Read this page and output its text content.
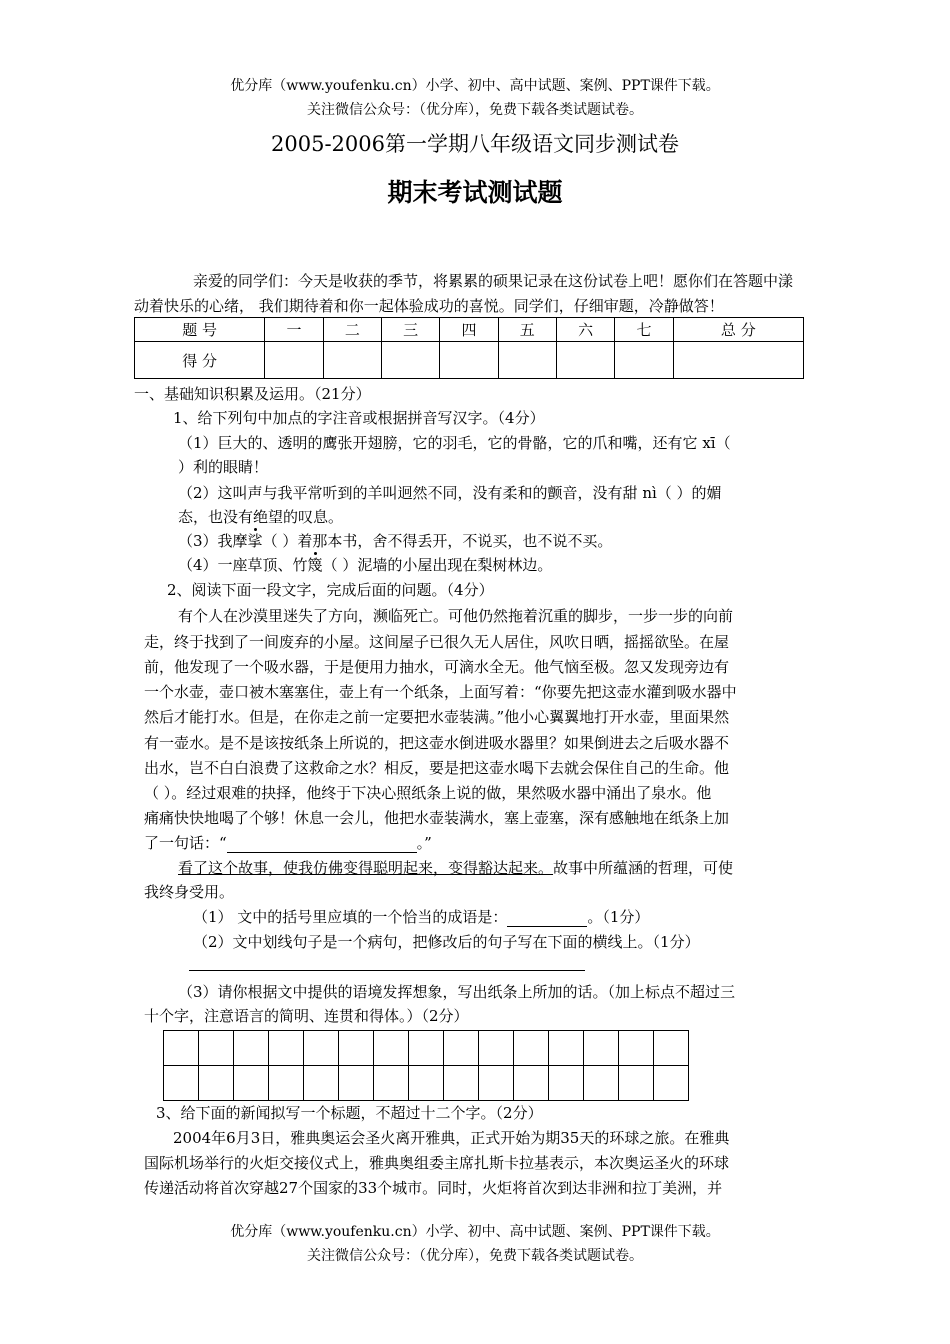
优分库（www.youfenku.cn）小学、初中、高中试题、案例、PPT课件下载。
关注微信公众号：（优分库），免费下载各类试题试卷。
2005-2006第一学期八年级语文同步测试卷
期末考试测试题
亲爱的同学们：今天是收获的季节，将累累的硕果记录在这份试卷上吧！愿你们在答题中漾
动着快乐的心绪， 我们期待着和你一起体验成功的喜悦。同学们，仔细审题，冷静做答！
题 号	一	二	三	四	五	六	七	总 分
得 分								
一、基础知识积累及运用。（21分）
1、给下列句中加点的字注音或根据拼音写汉字。（4分）
（1）巨大的、透明的鹰张开翅膀，它的羽毛，它的骨骼，它的爪和嘴，还有它 xī（
）利的眼睛！
（2）这叫声与我平常听到的羊叫迥然不同，没有柔和的颤音，没有甜 nì（ ）的媚
态，也没有绝望的叹息。
（3）我摩挲（ ）着那本书，舍不得丢开，不说买，也不说不买。
（4）一座草顶、竹篾（ ）泥墙的小屋出现在梨树林边。
2、阅读下面一段文字，完成后面的问题。（4分）
有个人在沙漠里迷失了方向，濒临死亡。可他仍然拖着沉重的脚步，一步一步的向前
走，终于找到了一间废弃的小屋。这间屋子已很久无人居住，风吹日晒，摇摇欲坠。在屋
前，他发现了一个吸水器，于是便用力抽水，可滴水全无。他气恼至极。忽又发现旁边有
一个水壶，壶口被木塞塞住，壶上有一个纸条，上面写着：“你要先把这壶水灌到吸水器中
然后才能打水。但是，在你走之前一定要把水壶装满。”他小心翼翼地打开水壶，里面果然
有一壶水。是不是该按纸条上所说的，把这壶水倒进吸水器里？如果倒进去之后吸水器不
出水，岂不白白浪费了这救命之水？相反，要是把这壶水喝下去就会保住自己的生命。他
（ ）。经过艰难的抉择，他终于下决心照纸条上说的做，果然吸水器中涌出了泉水。他
痛痛快快地喝了个够！休息一会儿，他把水壶装满水，塞上壶塞，深有感触地在纸条上加
了一句话：“	。”
看了这个故事，使我仿佛变得聪明起来，变得豁达起来。故事中所蕴涵的哲理，可使
我终身受用。
（1） 文中的括号里应填的一个恰当的成语是：	。（1分）
（2）文中划线句子是一个病句，把修改后的句子写在下面的横线上。（1分）
（3）请你根据文中提供的语境发挥想象，写出纸条上所加的话。（加上标点不超过三
十个字，注意语言的简明、连贯和得体。）（2分）

3、给下面的新闻拟写一个标题，不超过十二个字。（2分）
2004年6月3日，雅典奥运会圣火离开雅典，正式开始为期35天的环球之旅。在雅典
国际机场举行的火炬交接仪式上，雅典奥组委主席扎斯卡拉基表示，本次奥运圣火的环球
传递活动将首次穿越27个国家的33个城市。同时，火炬将首次到达非洲和拉丁美洲，并
优分库（www.youfenku.cn）小学、初中、高中试题、案例、PPT课件下载。
关注微信公众号：（优分库），免费下载各类试题试卷。
